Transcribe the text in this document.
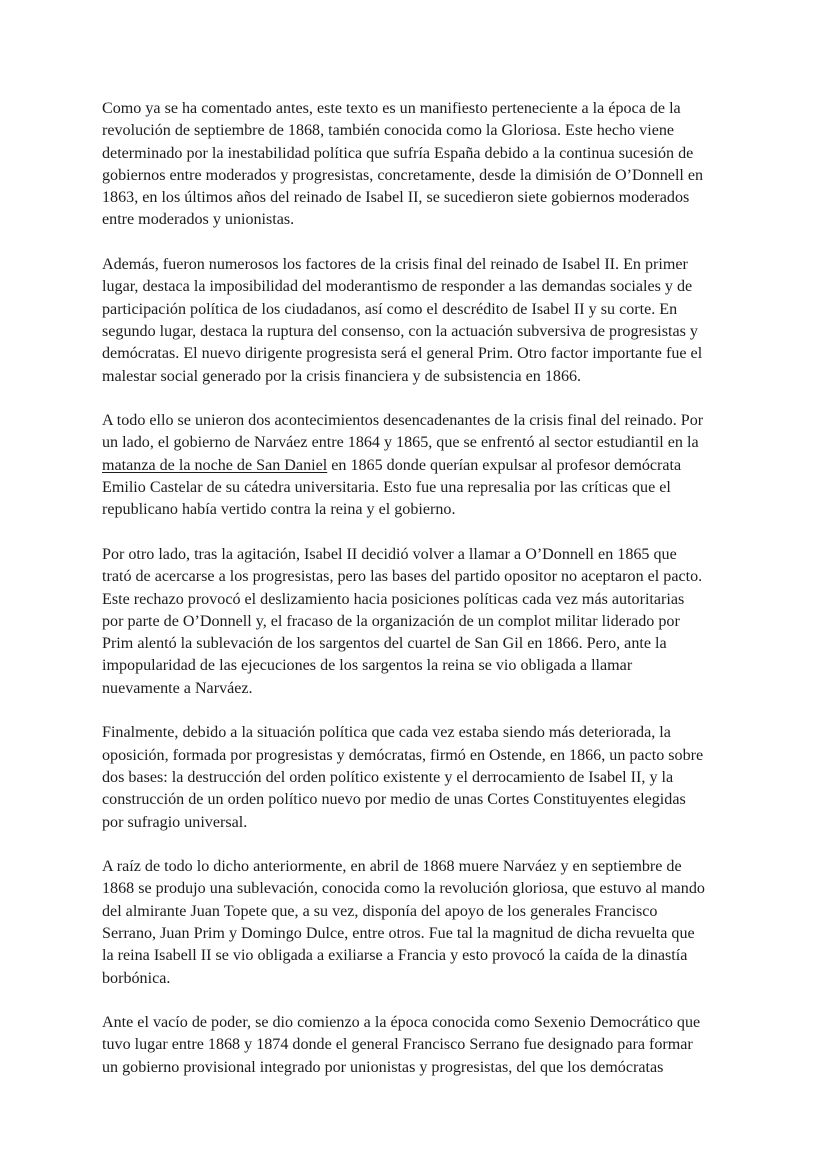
Como ya se ha comentado antes, este texto es un manifiesto perteneciente a la época de la
revolución de septiembre de 1868, también conocida como la Gloriosa. Este hecho viene
determinado por la inestabilidad política que sufría España debido a la continua sucesión de
gobiernos entre moderados y progresistas, concretamente, desde la dimisión de O’Donnell en
1863, en los últimos años del reinado de Isabel II, se sucedieron siete gobiernos moderados
entre moderados y unionistas.
Además, fueron numerosos los factores de la crisis final del reinado de Isabel II. En primer
lugar, destaca la imposibilidad del moderantismo de responder a las demandas sociales y de
participación política de los ciudadanos, así como el descrédito de Isabel II y su corte. En
segundo lugar, destaca la ruptura del consenso, con la actuación subversiva de progresistas y
demócratas. El nuevo dirigente progresista será el general Prim. Otro factor importante fue el
malestar social generado por la crisis financiera y de subsistencia en 1866.
A todo ello se unieron dos acontecimientos desencadenantes de la crisis final del reinado. Por
un lado, el gobierno de Narváez entre 1864 y 1865, que se enfrentó al sector estudiantil en la
matanza de la noche de San Daniel en 1865 donde querían expulsar al profesor demócrata
Emilio Castelar de su cátedra universitaria. Esto fue una represalia por las críticas que el
republicano había vertido contra la reina y el gobierno.
Por otro lado, tras la agitación, Isabel II decidió volver a llamar a O’Donnell en 1865 que
trató de acercarse a los progresistas, pero las bases del partido opositor no aceptaron el pacto.
Este rechazo provocó el deslizamiento hacia posiciones políticas cada vez más autoritarias
por parte de O’Donnell y, el fracaso de la organización de un complot militar liderado por
Prim alentó la sublevación de los sargentos del cuartel de San Gil en 1866. Pero, ante la
impopularidad de las ejecuciones de los sargentos la reina se vio obligada a llamar
nuevamente a Narváez.
Finalmente, debido a la situación política que cada vez estaba siendo más deteriorada, la
oposición, formada por progresistas y demócratas, firmó en Ostende, en 1866, un pacto sobre
dos bases: la destrucción del orden político existente y el derrocamiento de Isabel II, y la
construcción de un orden político nuevo por medio de unas Cortes Constituyentes elegidas
por sufragio universal.
A raíz de todo lo dicho anteriormente, en abril de 1868 muere Narváez y en septiembre de
1868 se produjo una sublevación, conocida como la revolución gloriosa, que estuvo al mando
del almirante Juan Topete que, a su vez, disponía del apoyo de los generales Francisco
Serrano, Juan Prim y Domingo Dulce, entre otros. Fue tal la magnitud de dicha revuelta que
la reina Isabell II se vio obligada a exiliarse a Francia y esto provocó la caída de la dinastía
borbónica.
Ante el vacío de poder, se dio comienzo a la época conocida como Sexenio Democrático que
tuvo lugar entre 1868 y 1874 donde el general Francisco Serrano fue designado para formar
un gobierno provisional integrado por unionistas y progresistas, del que los demócratas
